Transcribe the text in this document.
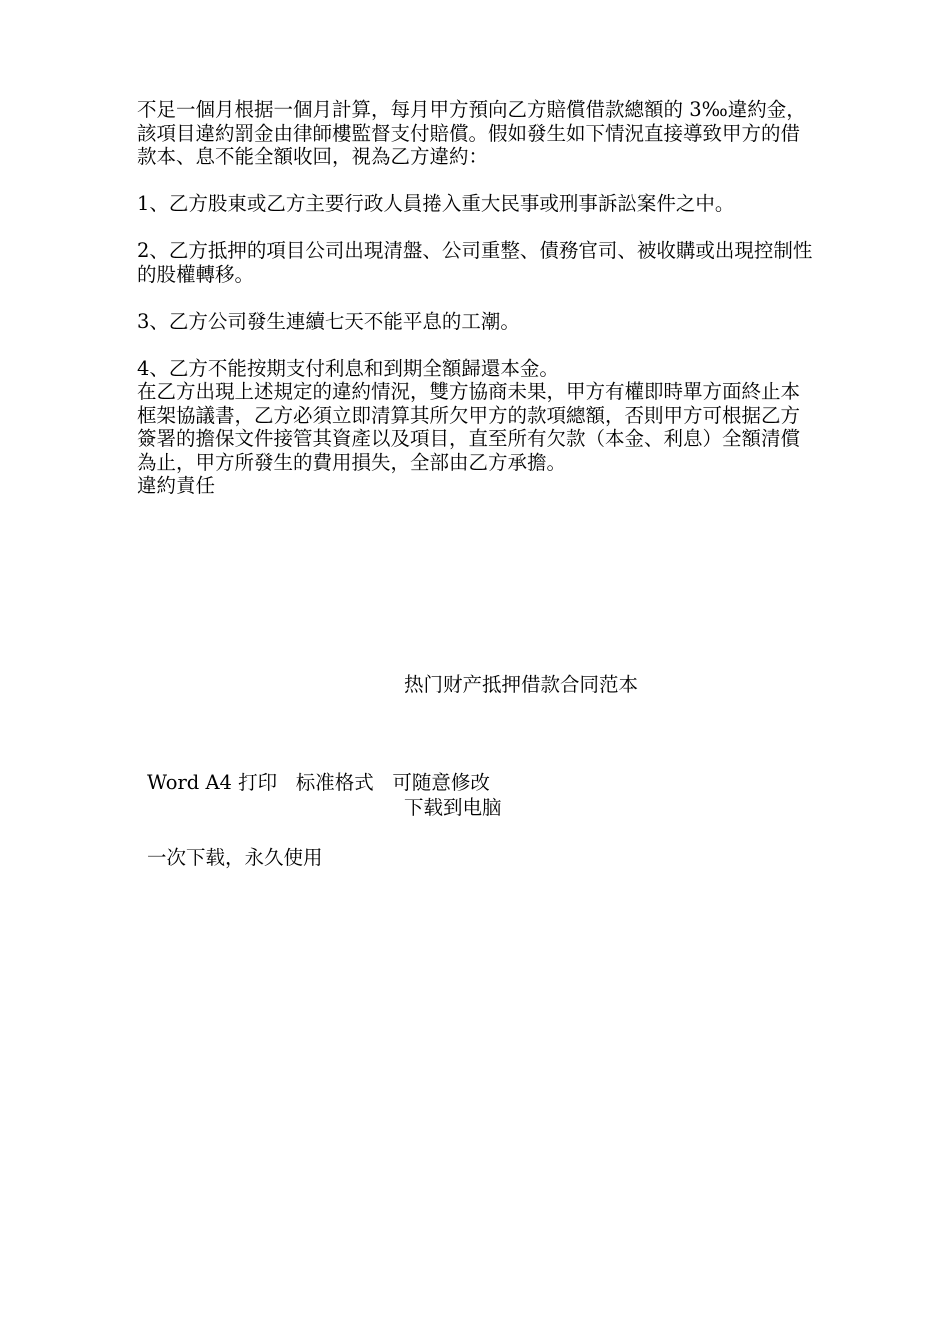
不足一個月根据一個月計算，每月甲方預向乙方賠償借款總額的 3‰違約金，該項目違約罰金由律師樓監督支付賠償。假如發生如下情況直接導致甲方的借款本、息不能全額收回，視為乙方違約：

1、乙方股東或乙方主要行政人員捲入重大民事或刑事訴訟案件之中。

2、乙方抵押的項目公司出現清盤、公司重整、債務官司、被收購或出現控制性的股權轉移。

3、乙方公司發生連續七天不能平息的工潮。

4、乙方不能按期支付利息和到期全額歸還本金。

在乙方出現上述規定的違約情況，雙方協商未果，甲方有權即時單方面終止本框架協議書，乙方必須立即清算其所欠甲方的款項總額，否則甲方可根据乙方簽署的擔保文件接管其資產以及項目，直至所有欠款（本金、利息）全額清償為止，甲方所發生的費用損失，全部由乙方承擔。

違約責任

热门财产抵押借款合同范本

Word A4 打印   标准格式   可随意修改

一次下载，永久使用

下载到电脑
